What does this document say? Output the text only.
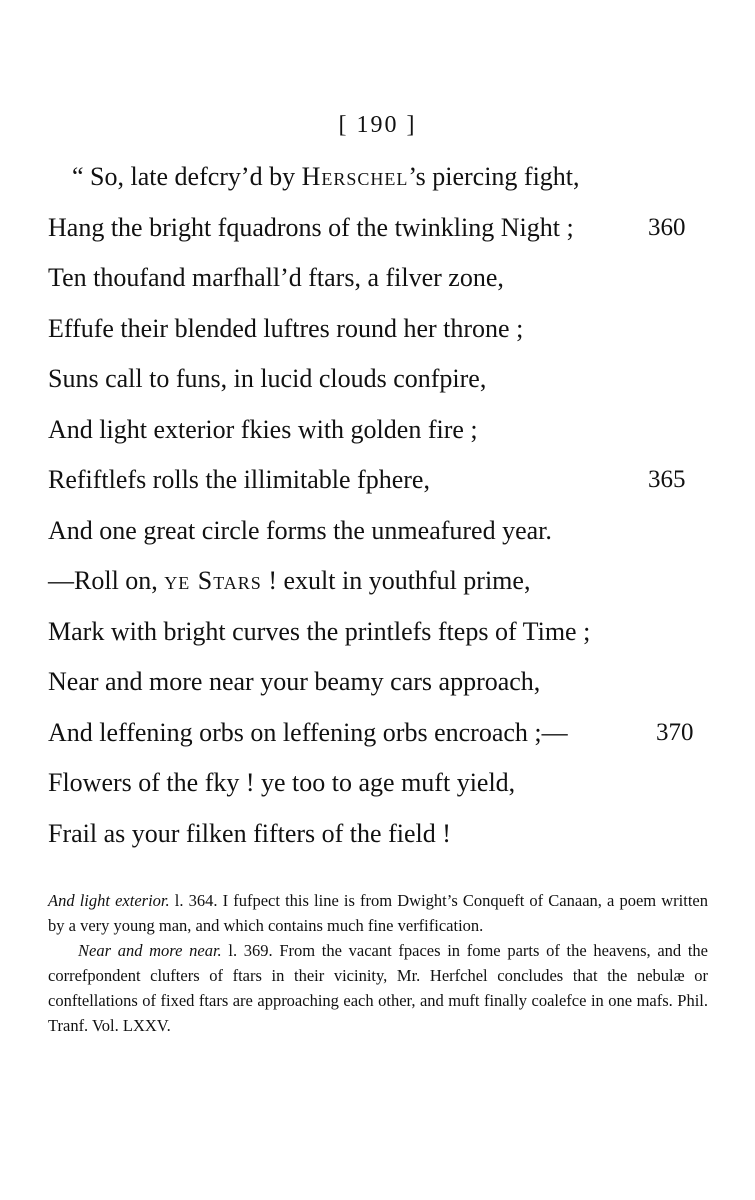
[ 190 ]
“ So, late defcry’d by Herschel’s piercing fight,
Hang the bright fquadrons of the twinkling Night ;	360
Ten thoufand marfhall’d ftars, a filver zone,
Effufe their blended luftres round her throne ;
Suns call to funs, in lucid clouds confpire,
And light exterior fkies with golden fire ;
Refiftlefs rolls the illimitable fphere,	365
And one great circle forms the unmeafured year.
—Roll on, ye Stars ! exult in youthful prime,
Mark with bright curves the printlefs fteps of Time ;
Near and more near your beamy cars approach,
And leffening orbs on leffening orbs encroach ;—	370
Flowers of the fky ! ye too to age muft yield,
Frail as your filken fifters of the field !

And light exterior. l. 364. I fufpect this line is from Dwight’s Conqueft of Canaan, a poem written by a very young man, and which contains much fine verfification.

Near and more near. l. 369. From the vacant fpaces in fome parts of the heavens, and the correfpondent clufters of ftars in their vicinity, Mr. Herfchel concludes that the nebulæ or conftellations of fixed ftars are approaching each other, and muft finally coalefce in one mafs. Phil. Tranf. Vol. LXXV.
